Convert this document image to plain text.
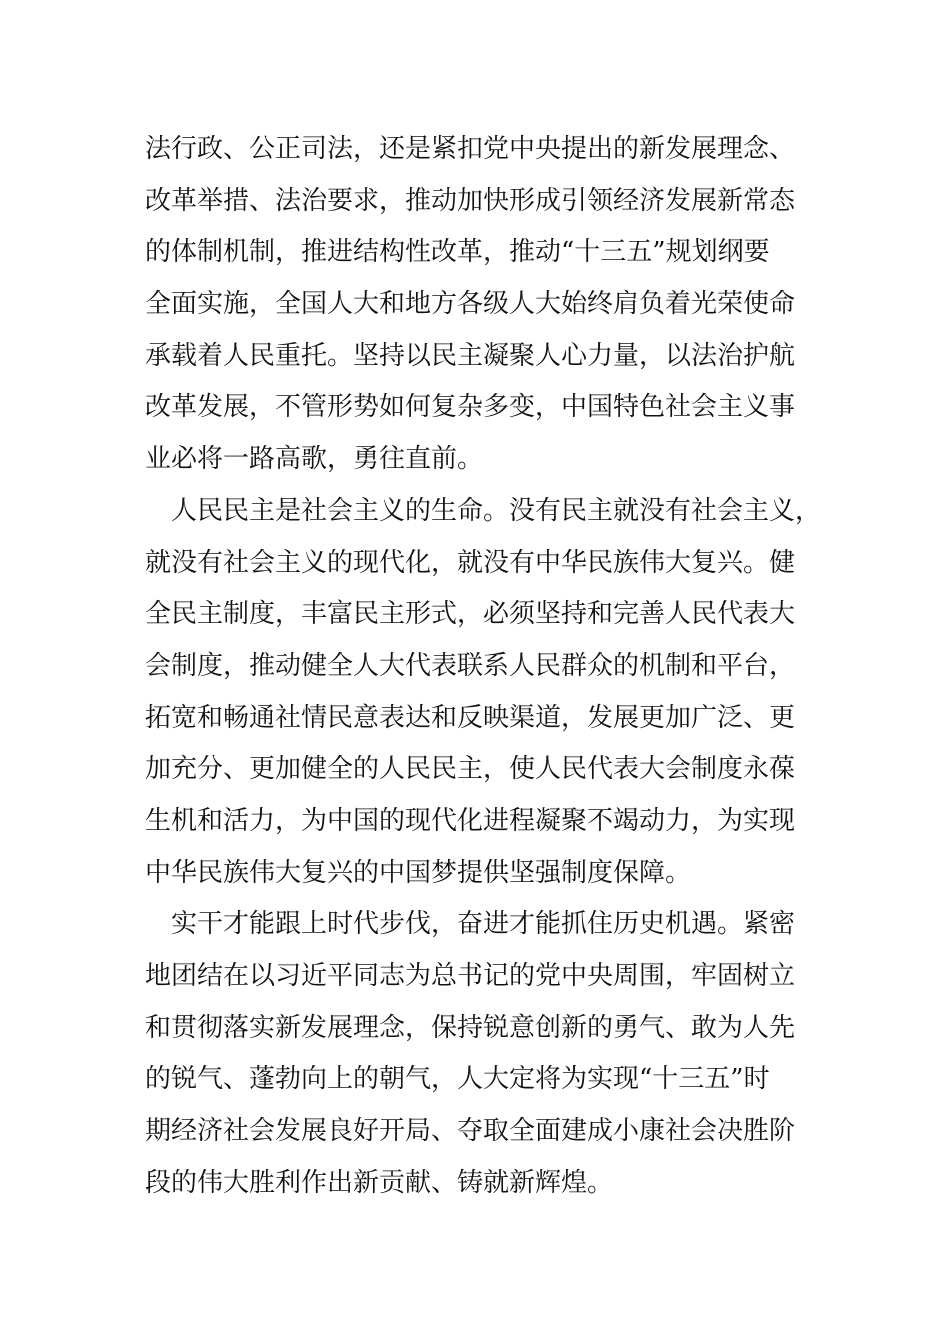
法行政、公正司法，还是紧扣党中央提出的新发展理念、
改革举措、法治要求，推动加快形成引领经济发展新常态
的体制机制，推进结构性改革，推动“十三五”规划纲要
全面实施，全国人大和地方各级人大始终肩负着光荣使命
承载着人民重托。坚持以民主凝聚人心力量，以法治护航
改革发展，不管形势如何复杂多变，中国特色社会主义事
业必将一路高歌，勇往直前。
　人民民主是社会主义的生命。没有民主就没有社会主义，
就没有社会主义的现代化，就没有中华民族伟大复兴。健
全民主制度，丰富民主形式，必须坚持和完善人民代表大
会制度，推动健全人大代表联系人民群众的机制和平台，
拓宽和畅通社情民意表达和反映渠道，发展更加广泛、更
加充分、更加健全的人民民主，使人民代表大会制度永葆
生机和活力，为中国的现代化进程凝聚不竭动力，为实现
中华民族伟大复兴的中国梦提供坚强制度保障。
　实干才能跟上时代步伐，奋进才能抓住历史机遇。紧密
地团结在以习近平同志为总书记的党中央周围，牢固树立
和贯彻落实新发展理念，保持锐意创新的勇气、敢为人先
的锐气、蓬勃向上的朝气，人大定将为实现“十三五”时
期经济社会发展良好开局、夺取全面建成小康社会决胜阶
段的伟大胜利作出新贡献、铸就新辉煌。
